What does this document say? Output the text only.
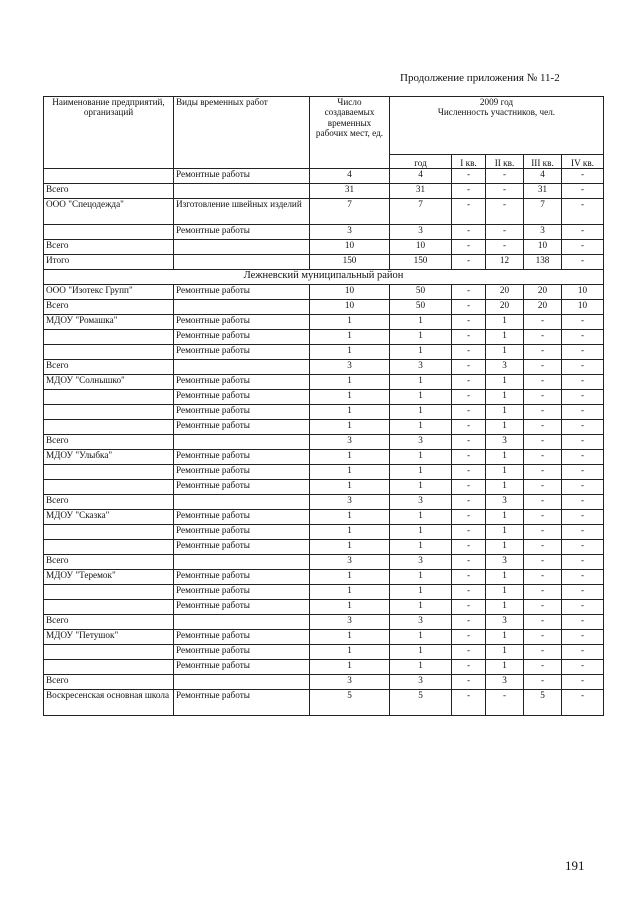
Продолжение приложения № 11-2
Наименование предприятий, организаций	Виды временных работ	Число создаваемых временных рабочих мест, ед.	2009 год
Численность участников, чел.				

			год	I кв.	II кв.	III кв.	IV кв.
	Ремонтные работы	4	4	-	-	4	-
Всего		31	31	-	-	31	-
ООО "Спецодежда"	Изготовление швейных изделий	7	7	-	-	7	-
	Ремонтные работы	3	3	-	-	3	-
Всего		10	10	-	-	10	-
Итого		150	150	-	12	138	-
Лежневский муниципальный район							
ООО "Изотекс Групп"	Ремонтные работы	10	50	-	20	20	10
Всего		10	50	-	20	20	10
МДОУ "Ромашка"	Ремонтные работы	1	1	-	1	-	-
	Ремонтные работы	1	1	-	1	-	-
	Ремонтные работы	1	1	-	1	-	-
Всего		3	3	-	3	-	-
МДОУ "Солнышко"	Ремонтные работы	1	1	-	1	-	-
	Ремонтные работы	1	1	-	1	-	-
	Ремонтные работы	1	1	-	1	-	-
	Ремонтные работы	1	1	-	1	-	-
Всего		3	3	-	3	-	-
МДОУ "Улыбка"	Ремонтные работы	1	1	-	1	-	-
	Ремонтные работы	1	1	-	1	-	-
	Ремонтные работы	1	1	-	1	-	-
Всего		3	3	-	3	-	-
МДОУ "Сказка"	Ремонтные работы	1	1	-	1	-	-
	Ремонтные работы	1	1	-	1	-	-
	Ремонтные работы	1	1	-	1	-	-
Всего		3	3	-	3	-	-
МДОУ "Теремок"	Ремонтные работы	1	1	-	1	-	-
	Ремонтные работы	1	1	-	1	-	-
	Ремонтные работы	1	1	-	1	-	-
Всего		3	3	-	3	-	-
МДОУ "Петушок"	Ремонтные работы	1	1	-	1	-	-
	Ремонтные работы	1	1	-	1	-	-
	Ремонтные работы	1	1	-	1	-	-
Всего		3	3	-	3	-	-
Воскресенская основная школа	Ремонтные работы	5	5	-	-	5	-
191
